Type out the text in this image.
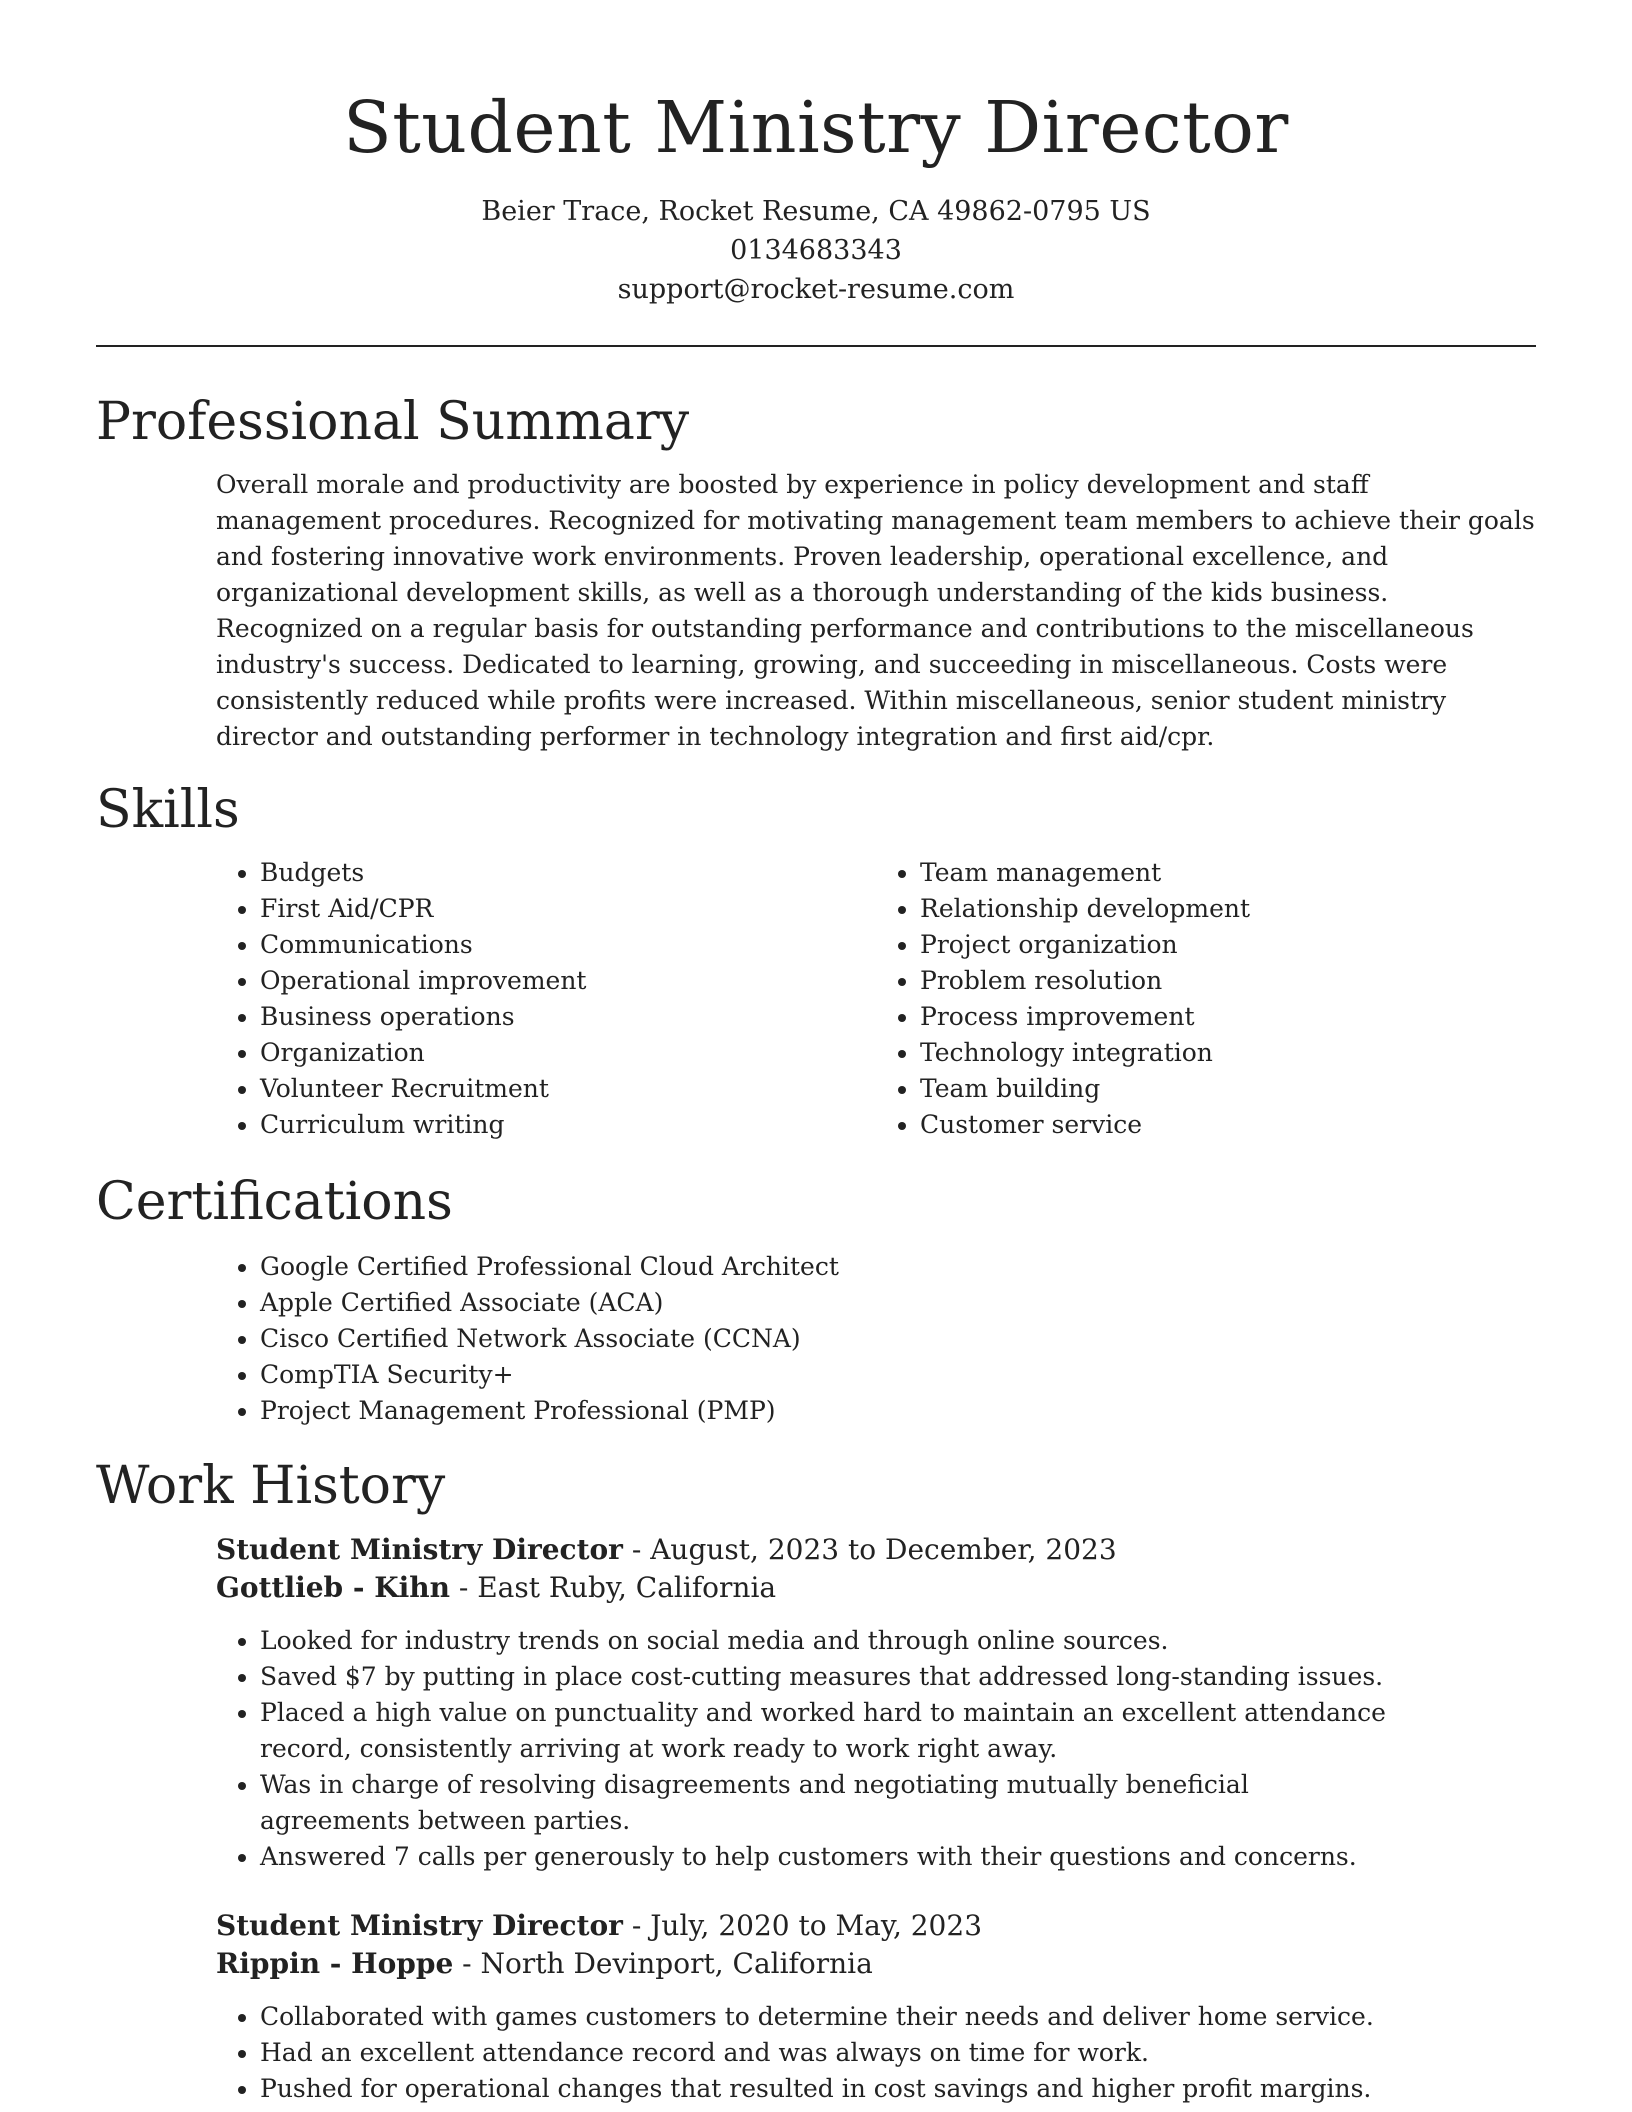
Student Ministry Director
Beier Trace, Rocket Resume, CA 49862-0795 US
0134683343
support@rocket-resume.com
Professional Summary

Overall morale and productivity are boosted by experience in policy development and staff management procedures. Recognized for motivating management team members to achieve their goals and fostering innovative work environments. Proven leadership, operational excellence, and organizational development skills, as well as a thorough understanding of the kids business. Recognized on a regular basis for outstanding performance and contributions to the miscellaneous industry's success. Dedicated to learning, growing, and succeeding in miscellaneous. Costs were consistently reduced while profits were increased. Within miscellaneous, senior student ministry director and outstanding performer in technology integration and first aid/cpr.

Skills
• Budgets
• First Aid/CPR
• Communications
• Operational improvement
• Business operations
• Organization
• Volunteer Recruitment
• Curriculum writing
• Team management
• Relationship development
• Project organization
• Problem resolution
• Process improvement
• Technology integration
• Team building
• Customer service
Certifications
• Google Certified Professional Cloud Architect
• Apple Certified Associate (ACA)
• Cisco Certified Network Associate (CCNA)
• CompTIA Security+
• Project Management Professional (PMP)
Work History
Student Ministry Director - August, 2023 to December, 2023
Gottlieb - Kihn - East Ruby, California
• Looked for industry trends on social media and through online sources.
• Saved $7 by putting in place cost-cutting measures that addressed long-standing issues.
• Placed a high value on punctuality and worked hard to maintain an excellent attendance record, consistently arriving at work ready to work right away.
• Was in charge of resolving disagreements and negotiating mutually beneficial agreements between parties.
• Answered 7 calls per generously to help customers with their questions and concerns.
Student Ministry Director - July, 2020 to May, 2023
Rippin - Hoppe - North Devinport, California
• Collaborated with games customers to determine their needs and deliver home service.
• Had an excellent attendance record and was always on time for work.
• Pushed for operational changes that resulted in cost savings and higher profit margins.
